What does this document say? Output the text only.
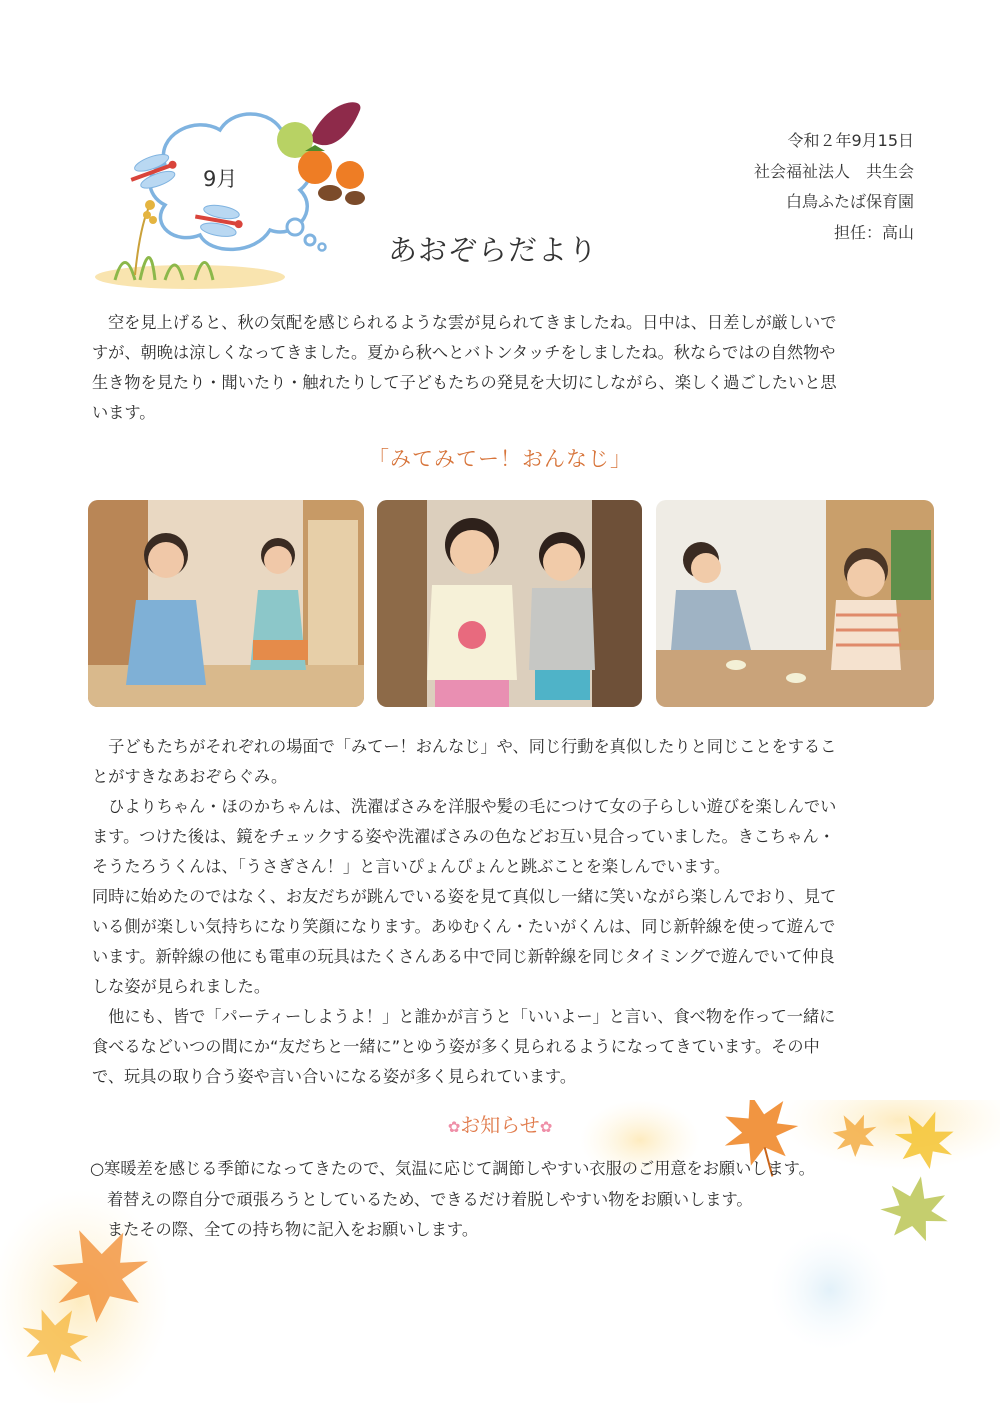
9月
あおぞらだより
令和２年9月15日
社会福祉法人　共生会
白鳥ふたば保育園
担任：高山

空を見上げると、秋の気配を感じられるような雲が見られてきましたね。日中は、日差しが厳しいで

すが、朝晩は涼しくなってきました。夏から秋へとバトンタッチをしましたね。秋ならではの自然物や

生き物を見たり・聞いたり・触れたりして子どもたちの発見を大切にしながら、楽しく過ごしたいと思

います。

「みてみてー！おんなじ」

　子どもたちがそれぞれの場面で「みてー！おんなじ」や、同じ行動を真似したりと同じことをするこ

とがすきなあおぞらぐみ。

　ひよりちゃん・ほのかちゃんは、洗濯ばさみを洋服や髪の毛につけて女の子らしい遊びを楽しんでい

ます。つけた後は、鏡をチェックする姿や洗濯ばさみの色などお互い見合っていました。きこちゃん・

そうたろうくんは、「うさぎさん！」と言いぴょんぴょんと跳ぶことを楽しんでいます。

同時に始めたのではなく、お友だちが跳んでいる姿を見て真似し一緒に笑いながら楽しんでおり、見て

いる側が楽しい気持ちになり笑顔になります。あゆむくん・たいがくんは、同じ新幹線を使って遊んで

います。新幹線の他にも電車の玩具はたくさんある中で同じ新幹線を同じタイミングで遊んでいて仲良

しな姿が見られました。

　他にも、皆で「パーティーしようよ！」と誰かが言うと「いいよー」と言い、食べ物を作って一緒に

食べるなどいつの間にか“友だちと一緒に”とゆう姿が多く見られるようになってきています。その中

で、玩具の取り合う姿や言い合いになる姿が多く見られています。

✿お知らせ✿

○寒暖差を感じる季節になってきたので、気温に応じて調節しやすい衣服のご用意をお願いします。

着替えの際自分で頑張ろうとしているため、できるだけ着脱しやすい物をお願いします。

またその際、全ての持ち物に記入をお願いします。
